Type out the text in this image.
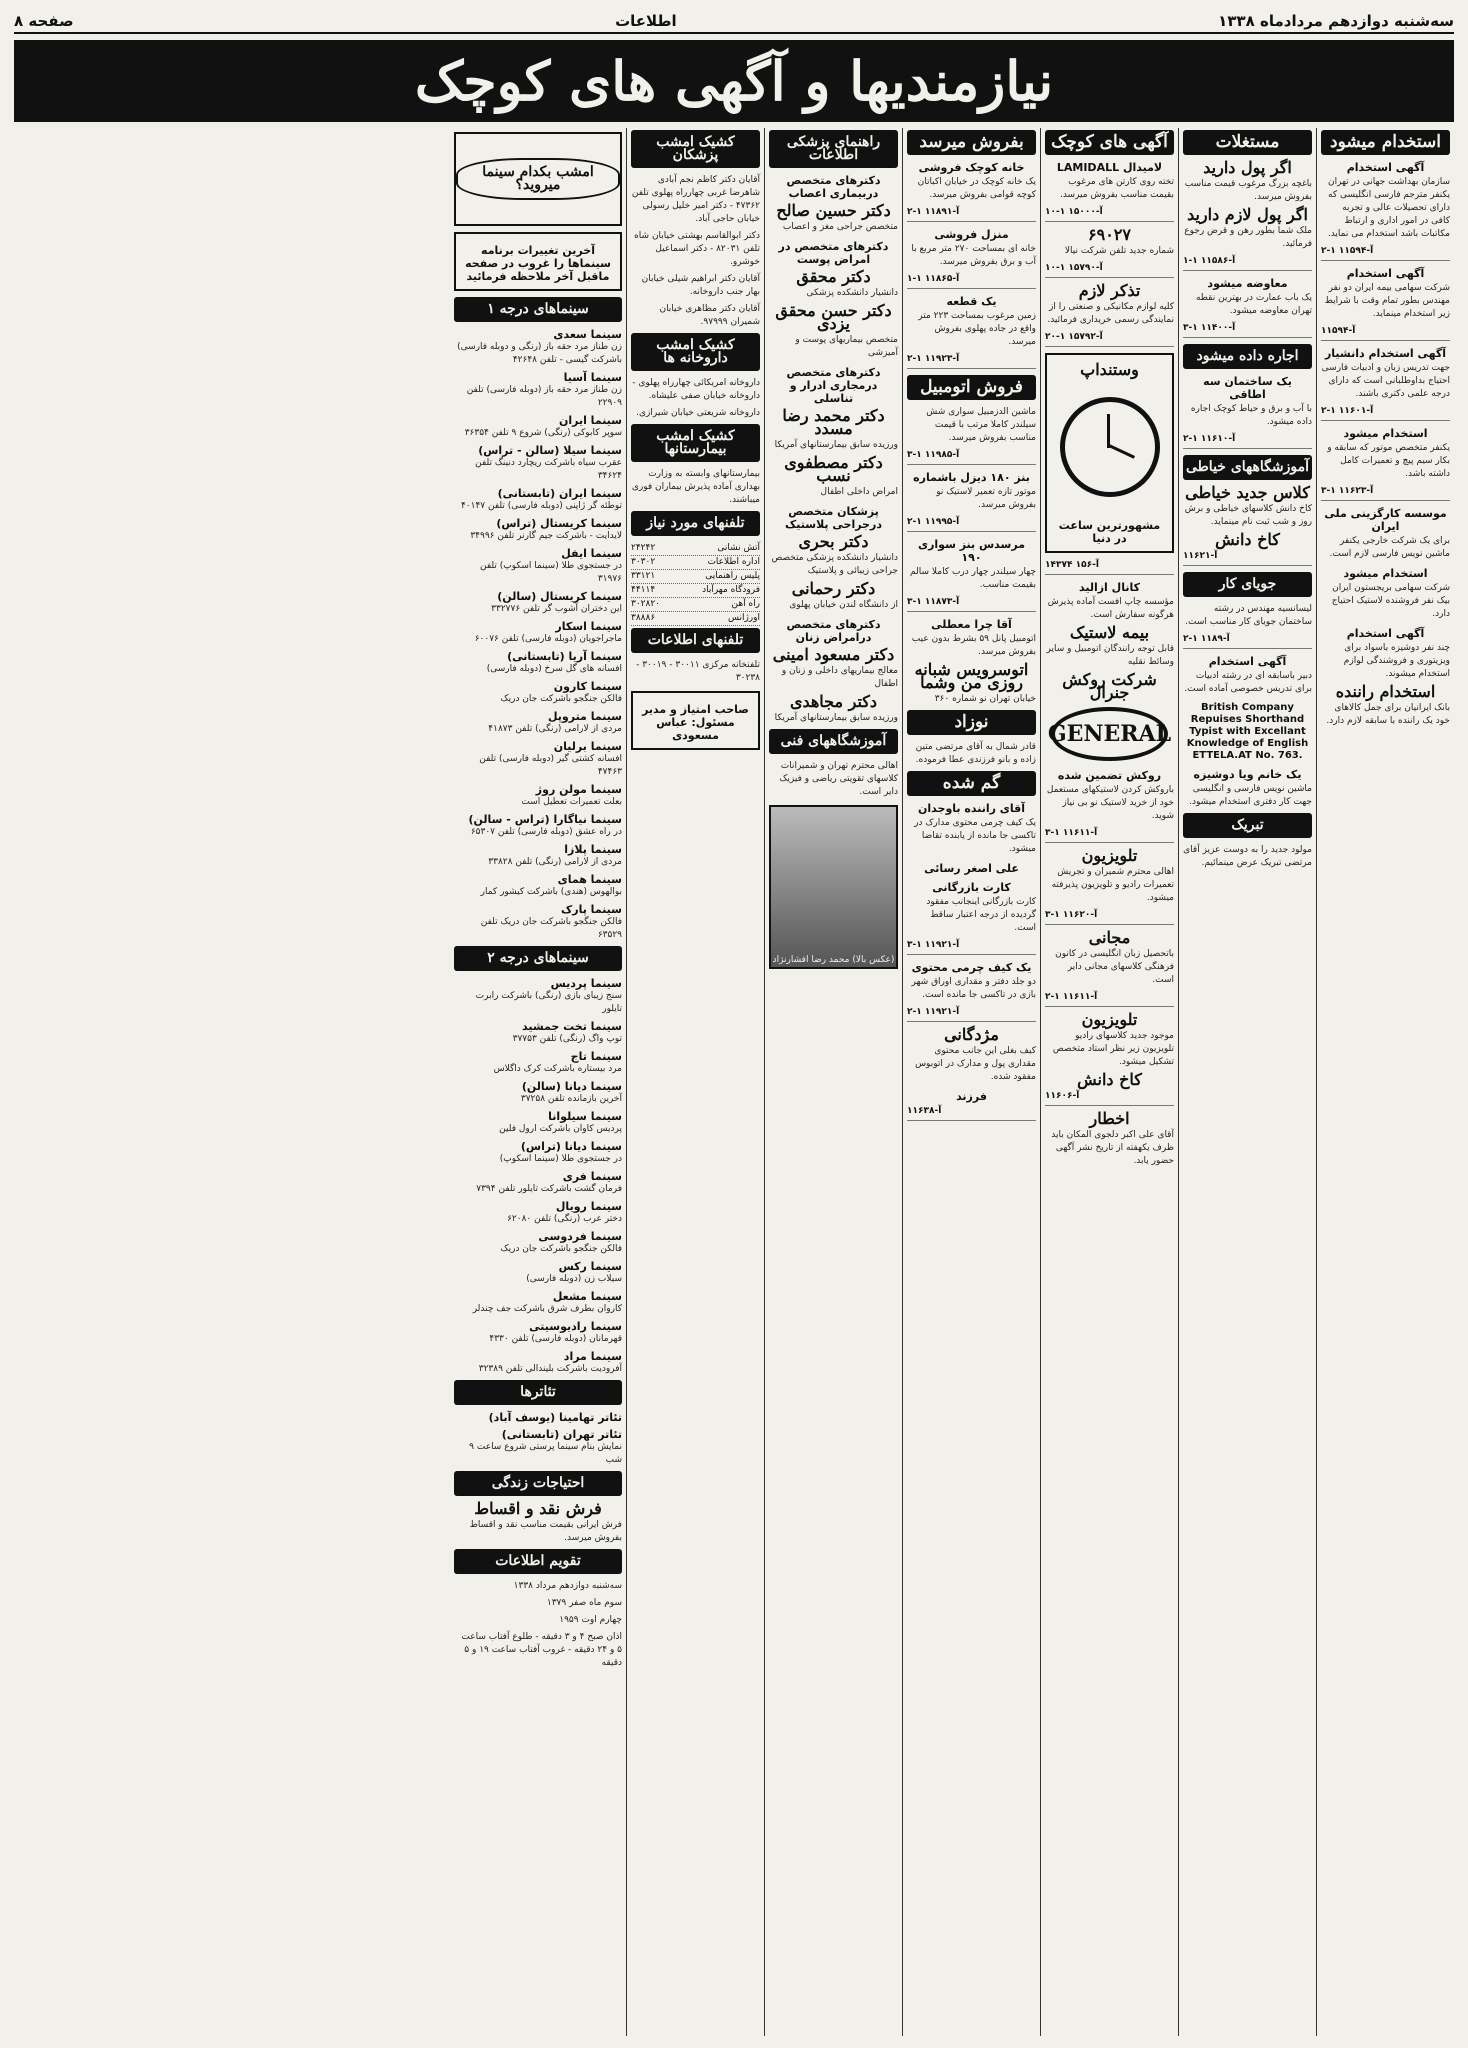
سه‌شنبه دوازدهم مردادماه ۱۳۳۸
اطلاعات
صفحه ۸
نیازمندیها و آگهی های کوچک
استخدام میشود
آگهی استخدام

سازمان بهداشت جهانی در تهران یکنفر مترجم فارسی انگلیسی که دارای تحصیلات عالی و تجربه کافی در امور اداری و ارتباط مکاتبات باشد استخدام می نماید.

آ-۱۱۵۹۴ ۱-۲
آگهی استخدام

شرکت سهامی بیمه ایران دو نفر مهندس بطور تمام وقت با شرایط زیر استخدام مینماید.

آ-۱۱۵۹۴
آگهی استخدام دانشیار

جهت تدریس زبان و ادبیات فارسی احتیاج بداوطلبانی است که دارای درجه علمی دکتری باشند.

آ-۱۱۶۰۱ ۱-۲
استخدام میشود

یکنفر متخصص موتور که سابقه و بکار سیم پیچ و تعمیرات کامل داشته باشد.

آ-۱۱۶۲۳ ۱-۳
موسسه کارگزینی ملی ایران

برای یک شرکت خارجی یکنفر ماشین نویس فارسی لازم است.

استخدام میشود

شرکت سهامی بریجستون ایران بیک نفر فروشنده لاستیک احتیاج دارد.

آگهی استخدام

چند نفر دوشیزه باسواد برای ویزیتوری و فروشندگی لوازم استخدام میشوند.

استخدام راننده

بانک ایرانیان برای جمل کالاهای خود یک راننده با سابقه لازم دارد.

مستغلات
اگر پول دارید

باغچه بزرگ مرغوب قیمت مناسب بفروش میرسد.

اگر پول لازم دارید

ملک شما بطور رهن و قرض رجوع فرمائید.

آ-۱۱۵۸۶ ۱-۱
معاوضه میشود

یک باب عمارت در بهترین نقطه تهران معاوضه میشود.

آ-۱۱۴۰۰ ۱-۳
اجاره داده میشود
یک ساختمان سه اطاقی

با آب و برق و حیاط کوچک اجاره داده میشود.

آ-۱۱۶۱۰ ۱-۲
آموزشگاههای خیاطی
کلاس جدید خیاطی

کاخ دانش کلاسهای خیاطی و برش روز و شب ثبت نام مینماید.

کاخ دانش
آ-۱۱۶۲۱
جویای کار

لیسانسیه مهندس در رشته ساختمان جویای کار مناسب است.

آ-۱۱۸۹ ۱-۲
آگهی استخدام

دبیر باسابقه ای در رشته ادبیات برای تدریس خصوصی آماده است.

British Company Repuises Shorthand Typist with Excellant Knowledge of English ETTELA.AT No. 763.
یک خانم ویا دوشیزه

ماشین نویس فارسی و انگلیسی جهت کار دفتری استخدام میشود.

تبریک

مولود جدید را به دوست عزیز آقای مرتضی تبریک عرض مینمائیم.

آگهی های کوچک
لامیدال LAMIDALL

تخته روی کارتن های مرغوب بقیمت مناسب بفروش میرسد.

آ-۱۵۰۰۰ ۱-۱۰
۶۹۰۲۷

شماره جدید تلفن شرکت نیالا

آ-۱۵۷۹۰ ۱-۱۰
تذکر لازم

کلیه لوازم مکانیکی و صنعتی را از نمایندگی رسمی خریداری فرمائید.

آ-۱۵۷۹۲ ۱-۲۰
وستنداپ
مشهورترین ساعت در دنیا
آ-۱۵۶ ۱۴۳۷۴
کانال ازالید

مؤسسه چاپ افست آماده پذیرش هرگونه سفارش است.

بیمه لاستیک

قابل توجه رانندگان اتومبیل و سایر وسائط نقلیه

شرکت روکش جنرال
GENERAL
روکش تضمین شده

باروکش کردن لاستیکهای مستعمل خود از خرید لاستیک نو بی نیاز شوید.

آ-۱۱۶۱۱ ۱-۳
تلویزیون

اهالی محترم شمیران و تجریش تعمیرات رادیو و تلویزیون پذیرفته میشود.

آ-۱۱۶۲۰ ۱-۳
مجانی

باتحصیل زبان انگلیسی در کانون فرهنگی کلاسهای مجانی دایر است.

آ-۱۱۶۱۱ ۱-۲
تلویزیون

موجود جدید کلاسهای رادیو تلویزیون زیر نظر استاد متخصص تشکیل میشود.

کاخ دانش
آ-۱۱۶۰۶
اخطار

آقای علی اکبر دلجوی المکان باید ظرف یکهفته از تاریخ نشر آگهی حضور یابد.

بفروش میرسد
خانه کوچک فروشی

یک خانه کوچک در خیابان اکباتان کوچه قوامی بفروش میرسد.

آ-۱۱۸۹۱ ۱-۲
منزل فروشی

خانه ای بمساحت ۲۷۰ متر مربع با آب و برق بفروش میرسد.

آ-۱۱۸۶۵ ۱-۱
یک قطعه

زمین مرغوب بمساحت ۲۲۳ متر واقع در جاده پهلوی بفروش میرسد.

آ-۱۱۹۲۳ ۱-۲
فروش اتومبیل

ماشین الدزمبیل سواری شش سیلندر کاملا مرتب با قیمت مناسب بفروش میرسد.

آ-۱۱۹۸۵ ۱-۳
بنز ۱۸۰ دیزل باشماره

موتور تازه تعمیر لاستیک نو بفروش میرسد.

آ-۱۱۹۹۵ ۱-۲
مرسدس بنز سواری ۱۹۰

چهار سیلندر چهار درب کاملا سالم بقیمت مناسب.

آ-۱۱۸۷۳ ۱-۳
آقا چرا معطلی

اتومبیل پانل ۵۹ بشرط بدون عیب بفروش میرسد.

اتوسرویس شبانه روزی من وشما

خیابان تهران نو شماره ۳۶۰

نوزاد

قادر شمال به آقای مرتضی متین زاده و بانو فرزندی عطا فرموده.

گم شده
آقای راننده باوجدان

یک کیف چرمی محتوی مدارک در تاکسی جا مانده از یابنده تقاضا میشود.

علی اصغر رسائی
کارت بازرگانی

کارت بازرگانی اینجانب مفقود گردیده از درجه اعتبار ساقط است.

آ-۱۱۹۲۱ ۱-۳
یک کیف چرمی محتوی

دو جلد دفتر و مقداری اوراق شهر بازی در تاکسی جا مانده است.

آ-۱۱۹۲۱ ۱-۲
مژدگانی

کیف بغلی این جانب محتوی مقداری پول و مدارک در اتوبوس مفقود شده.

فرزند
آ-۱۱۶۳۸
راهنمای پزشکی اطلاعات
دکترهای متخصص دربیماری اعصاب
دکتر حسین صالح

متخصص جراحی مغز و اعصاب

دکترهای متخصص در امراض پوست
دکتر محقق

دانشیار دانشکده پزشکی

دکتر حسن محقق یزدی

متخصص بیماریهای پوست و آمیزشی

دکترهای متخصص درمجاری ادرار و تناسلی
دکتر محمد رضا مسدد

ورزیده سابق بیمارستانهای آمریکا

دکتر مصطفوی نسب

امراض داخلی اطفال

پزشکان متخصص درجراحی پلاستیک
دکتر بحری

دانشیار دانشکده پزشکی متخصص جراحی زیبائی و پلاستیک

دکتر رحمانی

از دانشگاه لندن خیابان پهلوی

دکترهای متخصص درامراض زنان
دکتر مسعود امینی

معالج بیماریهای داخلی و زنان و اطفال

دکتر مجاهدی

ورزیده سابق بیمارستانهای آمریکا

آموزشگاههای فنی

اهالی محترم تهران و شمیرانات کلاسهای تقویتی ریاضی و فیزیک دایر است.

(عکس بالا) محمد رضا افشارنژاد
کشیک امشب پزشکان

آقایان دکتر کاظم نجم آبادی شاهرضا غربی چهارراه پهلوی تلفن ۴۷۳۶۲ - دکتر امیر خلیل رسولی خیابان حاجی آباد.

دکتر ابوالقاسم بهشتی خیابان شاه تلفن ۸۲۰۳۱ - دکتر اسماعیل خوشرو.

آقایان دکتر ابراهیم شیلی خیابان بهار جنب داروخانه.

آقایان دکتر مظاهری خیابان شمیران ۹۷۹۹۹.

کشیک امشب داروخانه ها

داروخانه امریکائی چهارراه پهلوی - داروخانه خیابان صفی علیشاه.

داروخانه شریعتی خیابان شیرازی.

کشیک امشب بیمارستانها

بیمارستانهای وابسته به وزارت بهداری آماده پذیرش بیماران فوری میباشند.

تلفنهای مورد نیاز
آتش نشانی
۲۴۲۴۲
اداره اطلاعات
۳۰۳۰۲
پلیس راهنمایی
۳۳۱۲۱
فرودگاه مهرآباد
۴۴۱۱۴
راه آهن
۳۰۲۸۲۰
اورژانس
۳۸۸۸۶
تلفنهای اطلاعات

تلفنخانه مرکزی ۳۰۰۱۱ - ۳۰۰۱۹ - ۳۰۲۳۸

صاحب امتیاز و مدیر مسئول: عباس مسعودی
امشب بکدام سینما میروید؟
آخرین تغییرات برنامه سینماها را غروب در صفحه ماقبل آخر ملاحظه فرمائید
سینماهای درجه ۱
سینما سعدی
زن طناز مرد حقه باز (رنگی و دوبله فارسی) باشرکت گیسی - تلفن ۴۲۶۴۸
سینما آسیا
زن طناز مرد حقه باز (دوبله فارسی) تلفن ۲۲۹۰۹
سینما ایران
سوپر کابوکی (رنگی) شروع ۹ تلفن ۳۶۳۵۴
سینما سیلا (سالن - تراس)
عقرب سیاه باشرکت ریچارد دنینگ تلفن ۳۴۶۲۴
سینما ایران (تابستانی)
توطئه گر ژاپنی (دوبله فارسی) تلفن ۴۰۱۴۷
سینما کریستال (تراس)
لایدایت - باشرکت جیم گارنر تلفن ۳۴۹۹۶
سینما ایفل
در جستجوی طلا (سینما اسکوپ) تلفن ۳۱۹۷۶
سینما کریستال (سالن)
این دختران آشوب گر تلفن ۳۳۲۷۷۶
سینما اسکار
ماجراجویان (دوبله فارسی) تلفن ۶۰۰۷۶
سینما آریا (تابستانی)
افسانه های گل سرخ (دوبله فارسی)
سینما کارون
فالکن جنگجو باشرکت جان دریک
سینما متروپل
مردی از لارامی (رنگی) تلفن ۴۱۸۷۳
سینما برلیان
افسانه کشتی گیر (دوبله فارسی) تلفن ۴۷۴۶۳
سینما مولن روژ
بعلت تعمیرات تعطیل است
سینما نیاگارا (تراس - سالن)
در راه عشق (دوبله فارسی) تلفن ۶۵۳۰۷
سینما پلازا
مردی از لارامی (رنگی) تلفن ۳۳۸۲۸
سینما همای
بوالهوس (هندی) باشرکت کیشور کمار
سینما پارک
فالکن جنگجو باشرکت جان دریک تلفن ۶۳۵۲۹
سینماهای درجه ۲
سینما پردیس
سنج زیبای بازی (رنگی) باشرکت رابرت تایلور
سینما تخت جمشید
توپ واگ (رنگی) تلفن ۳۷۷۵۳
سینما تاج
مرد بیستاره باشرکت کرک داگلاس
سینما دیانا (سالن)
آخرین بازمانده تلفن ۳۷۲۵۸
سینما سیلوانا
پردیس کاوان باشرکت ارول فلین
سینما دیانا (تراس)
در جستجوی طلا (سینما اسکوپ)
سینما فری
فرمان گشت باشرکت تایلور تلفن ۷۳۹۴
سینما رویال
دختر عرب (رنگی) تلفن ۶۲۰۸۰
سینما فردوسی
فالکن جنگجو باشرکت جان دریک
سینما رکس
سیلاب زن (دوبله فارسی)
سینما مشعل
کاروان بطرف شرق باشرکت جف چندلر
سینما رادیوسیتی
قهرمانان (دوبله فارسی) تلفن ۴۳۳۰
سینما مراد
آفرودیت باشرکت بلیندالی تلفن ۳۲۳۸۹
تئاترها
تئاتر تهامینا (یوسف آباد)
تئاتر تهران (تابستانی)
نمایش بنام سینما پرستی شروع ساعت ۹ شب
احتیاجات زندگی
فرش نقد و اقساط
فرش ایرانی بقیمت مناسب نقد و اقساط بفروش میرسد.
تقویم اطلاعات
سه‌شنبه دوازدهم مرداد ۱۳۳۸
سوم ماه صفر ۱۳۷۹
چهارم اوت ۱۹۵۹
اذان صبح ۴ و ۳ دقیقه - طلوع آفتاب ساعت ۵ و ۲۴ دقیقه - غروب آفتاب ساعت ۱۹ و ۵ دقیقه
